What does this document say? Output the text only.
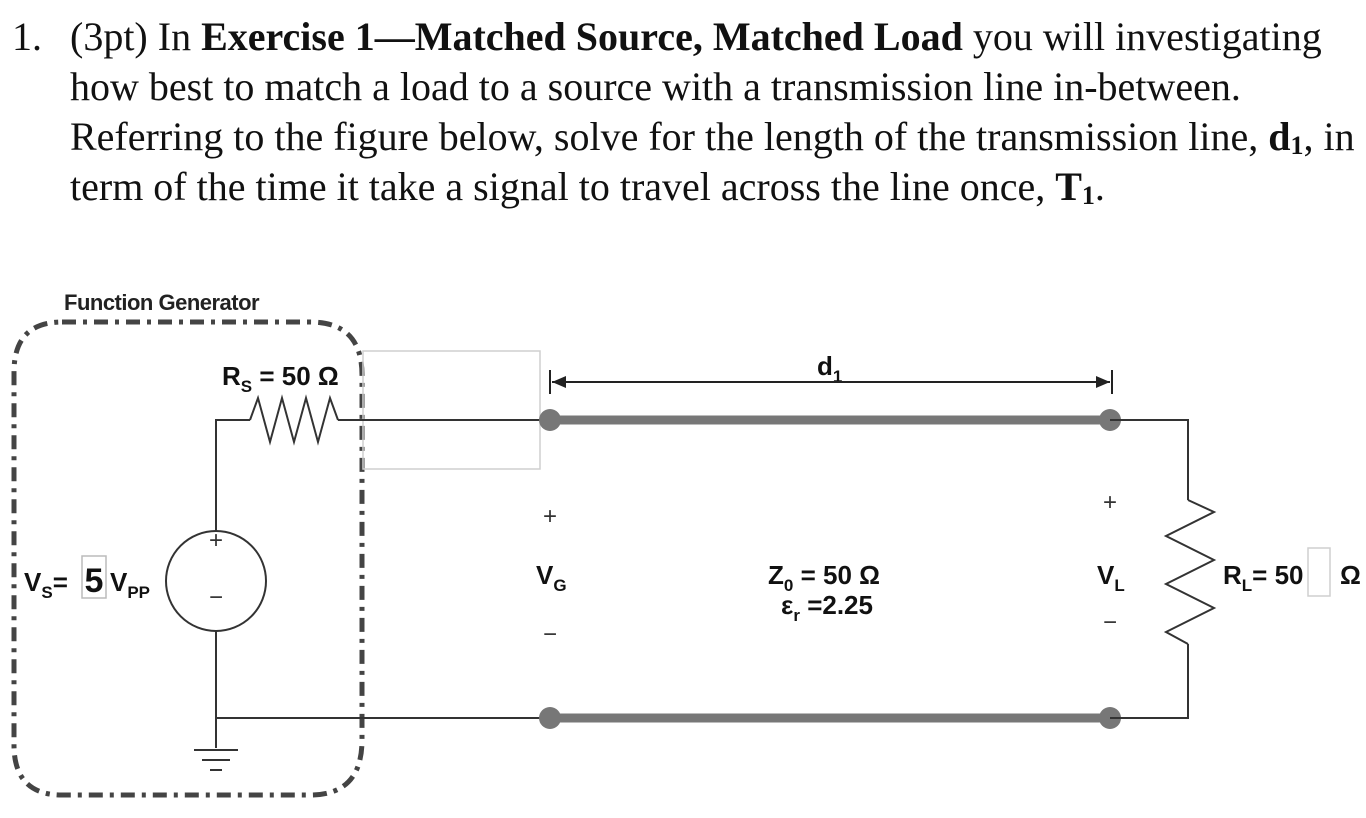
1. (3pt) In Exercise 1—Matched Source, Matched Load you will investigating how best to match a load to a source with a transmission line in-between. Referring to the figure below, solve for the length of the transmission line, $d_1$, in term of the time it take a signal to travel across the line once, $T_1$.
Function Generator
$R_S = 50$ Ω
+
−
$V_S= 5$ $V_{PP}$
$d_1$
+
$V_G$
−
$Z_0 = 50$ Ω
$\varepsilon_r =2.25$
+
$V_L$
−
$R_L= 50$ Ω
